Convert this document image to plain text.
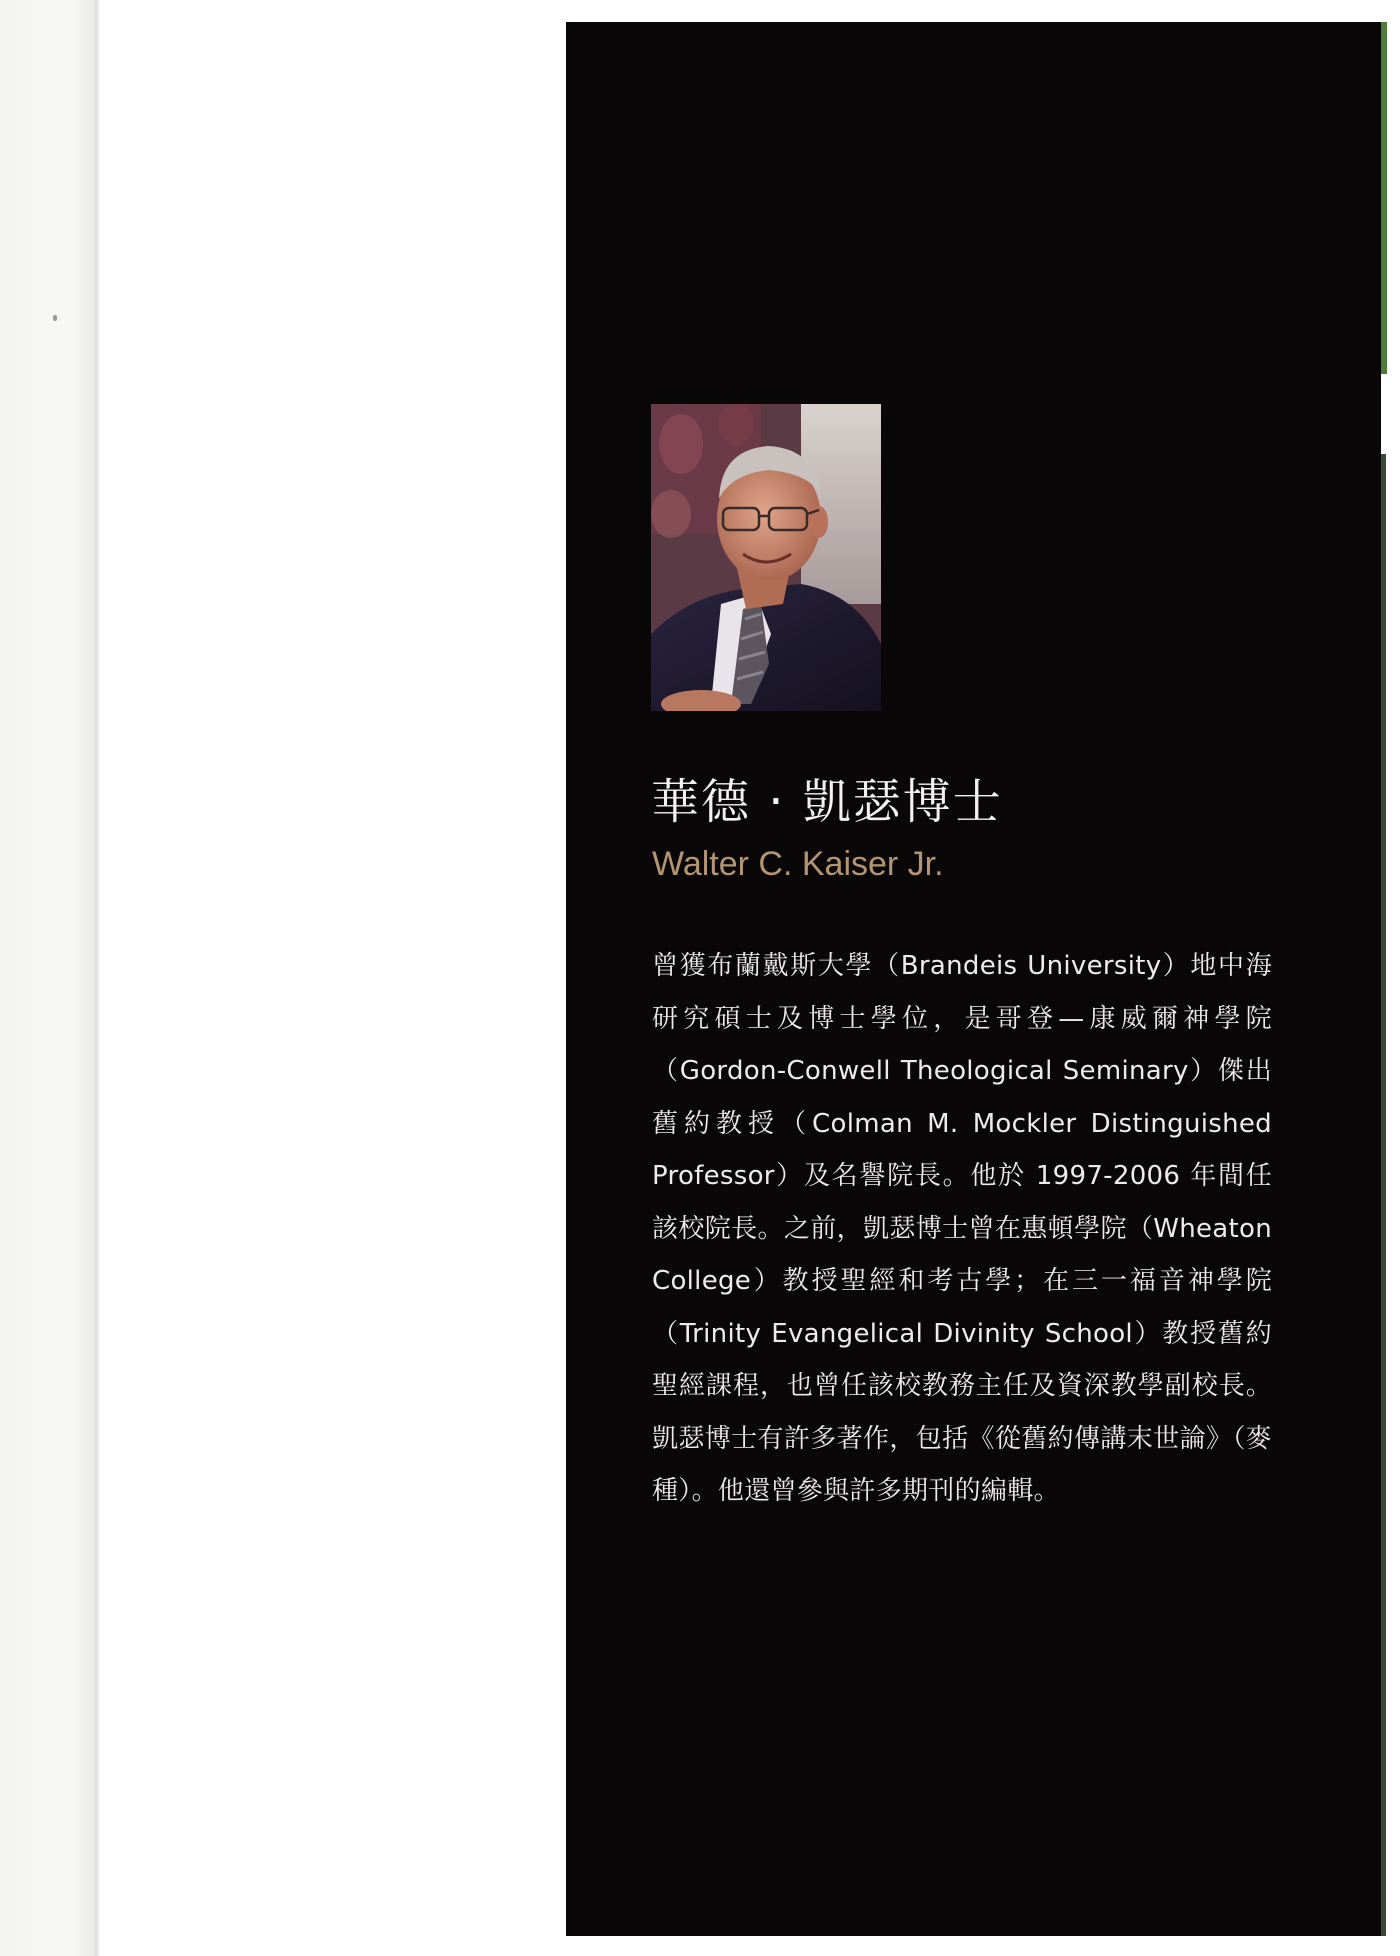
華德 · 凱瑟博士
Walter C. Kaiser Jr.

曾獲布蘭戴斯大學（Brandeis University）地中海研究碩士及博士學位，是哥登—康威爾神學院（Gordon-Conwell Theological Seminary）傑出舊約教授（Colman M. Mockler Distinguished Professor）及名譽院長。他於 1997-2006 年間任該校院長。之前，凱瑟博士曾在惠頓學院（Wheaton College）教授聖經和考古學；在三一福音神學院（Trinity Evangelical Divinity School）教授舊約聖經課程，也曾任該校教務主任及資深教學副校長。凱瑟博士有許多著作，包括《從舊約傳講末世論》（麥種）。他還曾參與許多期刊的編輯。
